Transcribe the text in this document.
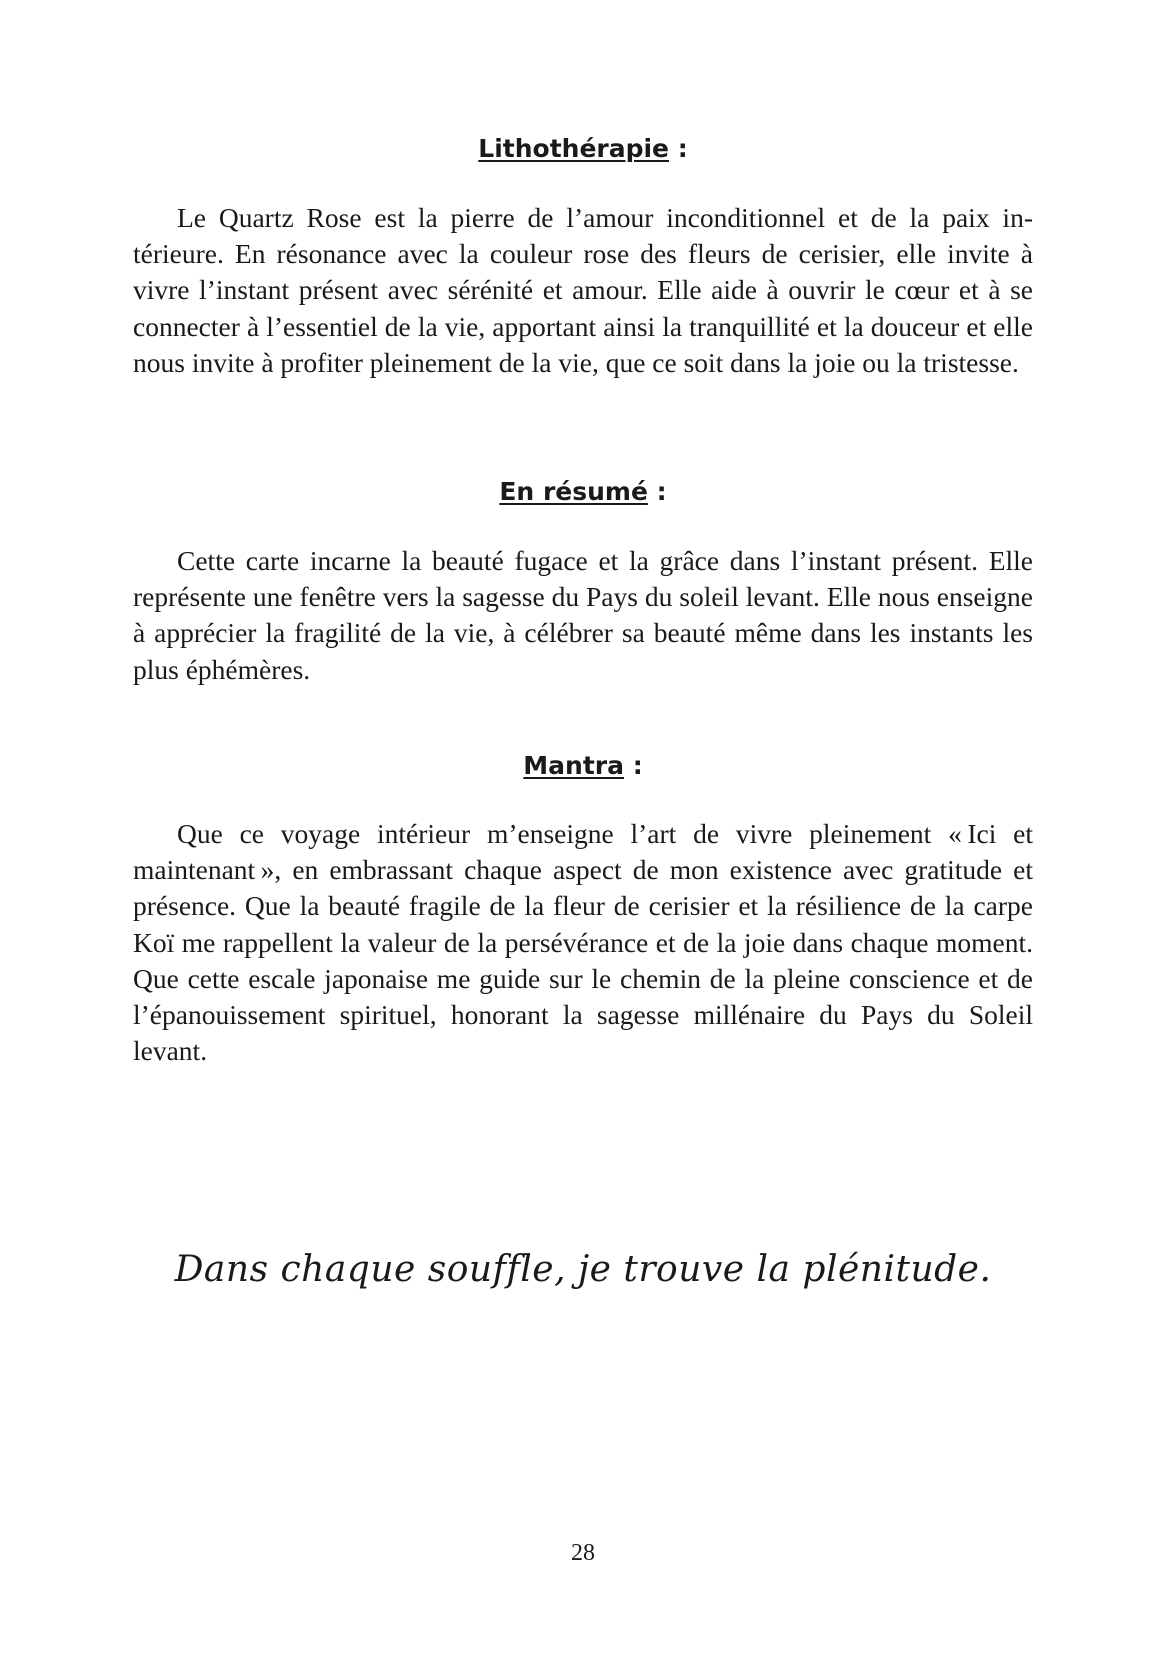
Lithothérapie :
Le Quartz Rose est la pierre de l’amour inconditionnel et de la paix intérieure. En résonance avec la couleur rose des fleurs de cerisier, elle invite à vivre l’instant présent avec sérénité et amour. Elle aide à ouvrir le cœur et à se connecter à l’essentiel de la vie, apportant ainsi la tranquillité et la douceur et elle nous invite à profiter pleinement de la vie, que ce soit dans la joie ou la tristesse.
En résumé :
Cette carte incarne la beauté fugace et la grâce dans l’instant présent. Elle représente une fenêtre vers la sagesse du Pays du soleil levant. Elle nous enseigne à apprécier la fragilité de la vie, à célébrer sa beauté même dans les instants les plus éphémères.
Mantra :
Que ce voyage intérieur m’enseigne l’art de vivre pleinement « Ici et maintenant », en embrassant chaque aspect de mon existence avec gratitude et présence. Que la beauté fragile de la fleur de cerisier et la résilience de la carpe Koï me rappellent la valeur de la persévérance et de la joie dans chaque moment. Que cette escale japonaise me guide sur le chemin de la pleine conscience et de l’épanouissement spirituel, honorant la sagesse millénaire du Pays du Soleil levant.
Dans chaque souffle, je trouve la plénitude.
28
